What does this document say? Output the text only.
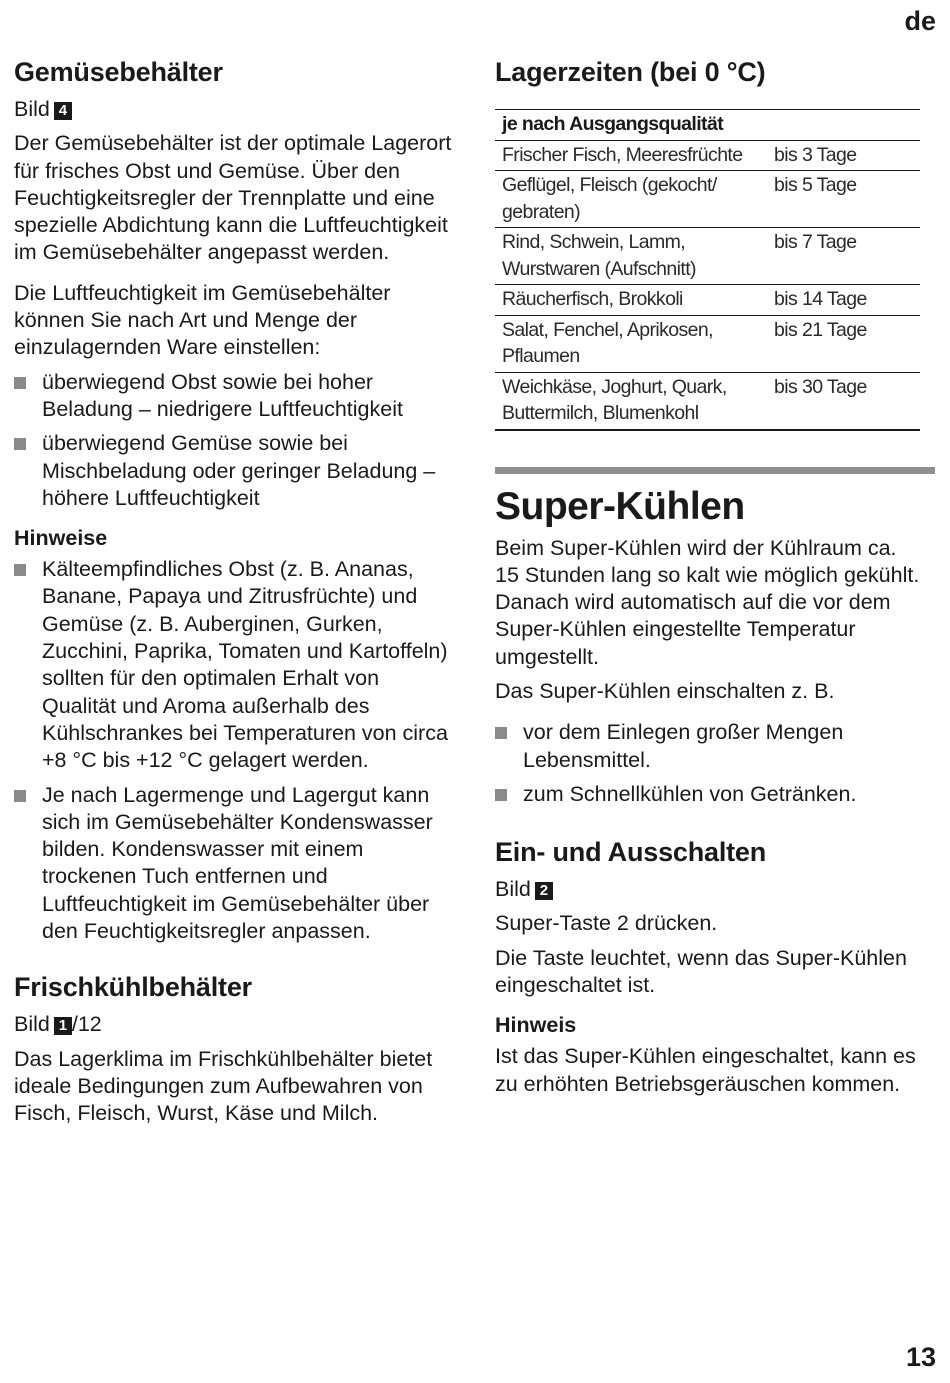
de
Gemüsebehälter

Bild 4

Der Gemüsebehälter ist der optimale Lagerort für frisches Obst und Gemüse. Über den Feuchtigkeitsregler der Trennplatte und eine spezielle Abdichtung kann die Luftfeuchtigkeit im Gemüsebehälter angepasst werden.

Die Luftfeuchtigkeit im Gemüsebehälter können Sie nach Art und Menge der einzulagernden Ware einstellen:

überwiegend Obst sowie bei hoher Beladung – niedrigere Luftfeuchtigkeit
überwiegend Gemüse sowie bei Mischbeladung oder geringer Beladung – höhere Luftfeuchtigkeit
Hinweise
Kälteempfindliches Obst (z. B. Ananas, Banane, Papaya und Zitrusfrüchte) und Gemüse (z. B. Auberginen, Gurken, Zucchini, Paprika, Tomaten und Kartoffeln) sollten für den optimalen Erhalt von Qualität und Aroma außerhalb des Kühlschrankes bei Temperaturen von circa +8 °C bis +12 °C gelagert werden.
Je nach Lagermenge und Lagergut kann sich im Gemüsebehälter Kondenswasser bilden. Kondenswasser mit einem trockenen Tuch entfernen und Luftfeuchtigkeit im Gemüsebehälter über den Feuchtigkeitsregler anpassen.
Frischkühlbehälter

Bild 1 /12

Das Lagerklima im Frischkühlbehälter bietet ideale Bedingungen zum Aufbewahren von Fisch, Fleisch, Wurst, Käse und Milch.

Lagerzeiten (bei 0 °C)
je nach Ausgangsqualität	
Frischer Fisch, Meeresfrüchte	bis 3 Tage
Geflügel, Fleisch (gekocht/ gebraten)	bis 5 Tage
Rind, Schwein, Lamm, Wurstwaren (Aufschnitt)	bis 7 Tage
Räucherfisch, Brokkoli	bis 14 Tage
Salat, Fenchel, Aprikosen, Pflaumen	bis 21 Tage
Weichkäse, Joghurt, Quark, Buttermilch, Blumenkohl	bis 30 Tage
Super-Kühlen

Beim Super-Kühlen wird der Kühlraum ca. 15 Stunden lang so kalt wie möglich gekühlt. Danach wird automatisch auf die vor dem Super-Kühlen eingestellte Temperatur umgestellt.

Das Super-Kühlen einschalten z. B.

vor dem Einlegen großer Mengen Lebensmittel.
zum Schnellkühlen von Getränken.
Ein- und Ausschalten

Bild 2

Super-Taste 2 drücken.

Die Taste leuchtet, wenn das Super-Kühlen eingeschaltet ist.

Hinweis

Ist das Super-Kühlen eingeschaltet, kann es zu erhöhten Betriebsgeräuschen kommen.

13
